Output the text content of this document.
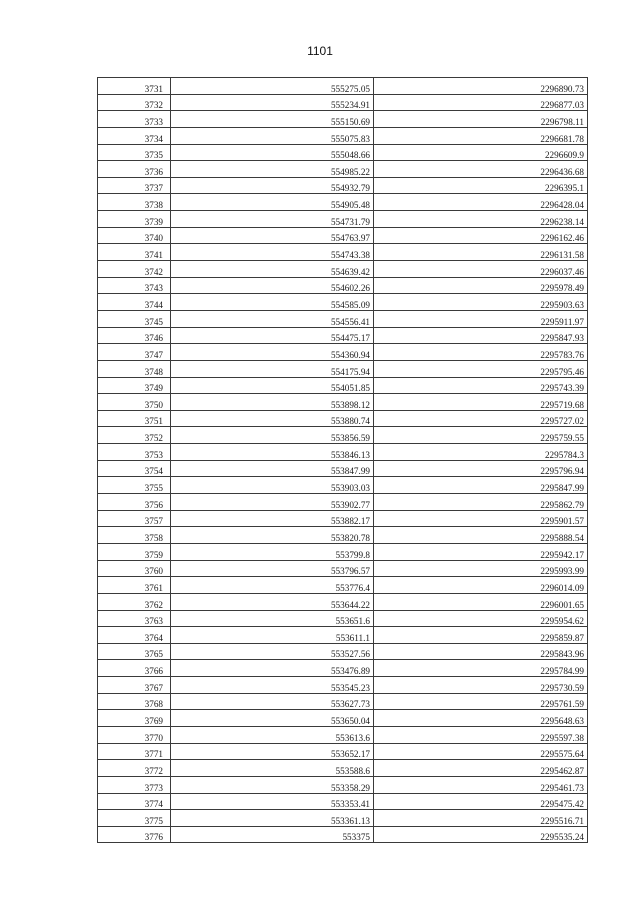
1101
3731	555275.05	2296890.73
3732	555234.91	2296877.03
3733	555150.69	2296798.11
3734	555075.83	2296681.78
3735	555048.66	2296609.9
3736	554985.22	2296436.68
3737	554932.79	2296395.1
3738	554905.48	2296428.04
3739	554731.79	2296238.14
3740	554763.97	2296162.46
3741	554743.38	2296131.58
3742	554639.42	2296037.46
3743	554602.26	2295978.49
3744	554585.09	2295903.63
3745	554556.41	2295911.97
3746	554475.17	2295847.93
3747	554360.94	2295783.76
3748	554175.94	2295795.46
3749	554051.85	2295743.39
3750	553898.12	2295719.68
3751	553880.74	2295727.02
3752	553856.59	2295759.55
3753	553846.13	2295784.3
3754	553847.99	2295796.94
3755	553903.03	2295847.99
3756	553902.77	2295862.79
3757	553882.17	2295901.57
3758	553820.78	2295888.54
3759	553799.8	2295942.17
3760	553796.57	2295993.99
3761	553776.4	2296014.09
3762	553644.22	2296001.65
3763	553651.6	2295954.62
3764	553611.1	2295859.87
3765	553527.56	2295843.96
3766	553476.89	2295784.99
3767	553545.23	2295730.59
3768	553627.73	2295761.59
3769	553650.04	2295648.63
3770	553613.6	2295597.38
3771	553652.17	2295575.64
3772	553588.6	2295462.87
3773	553358.29	2295461.73
3774	553353.41	2295475.42
3775	553361.13	2295516.71
3776	553375	2295535.24
